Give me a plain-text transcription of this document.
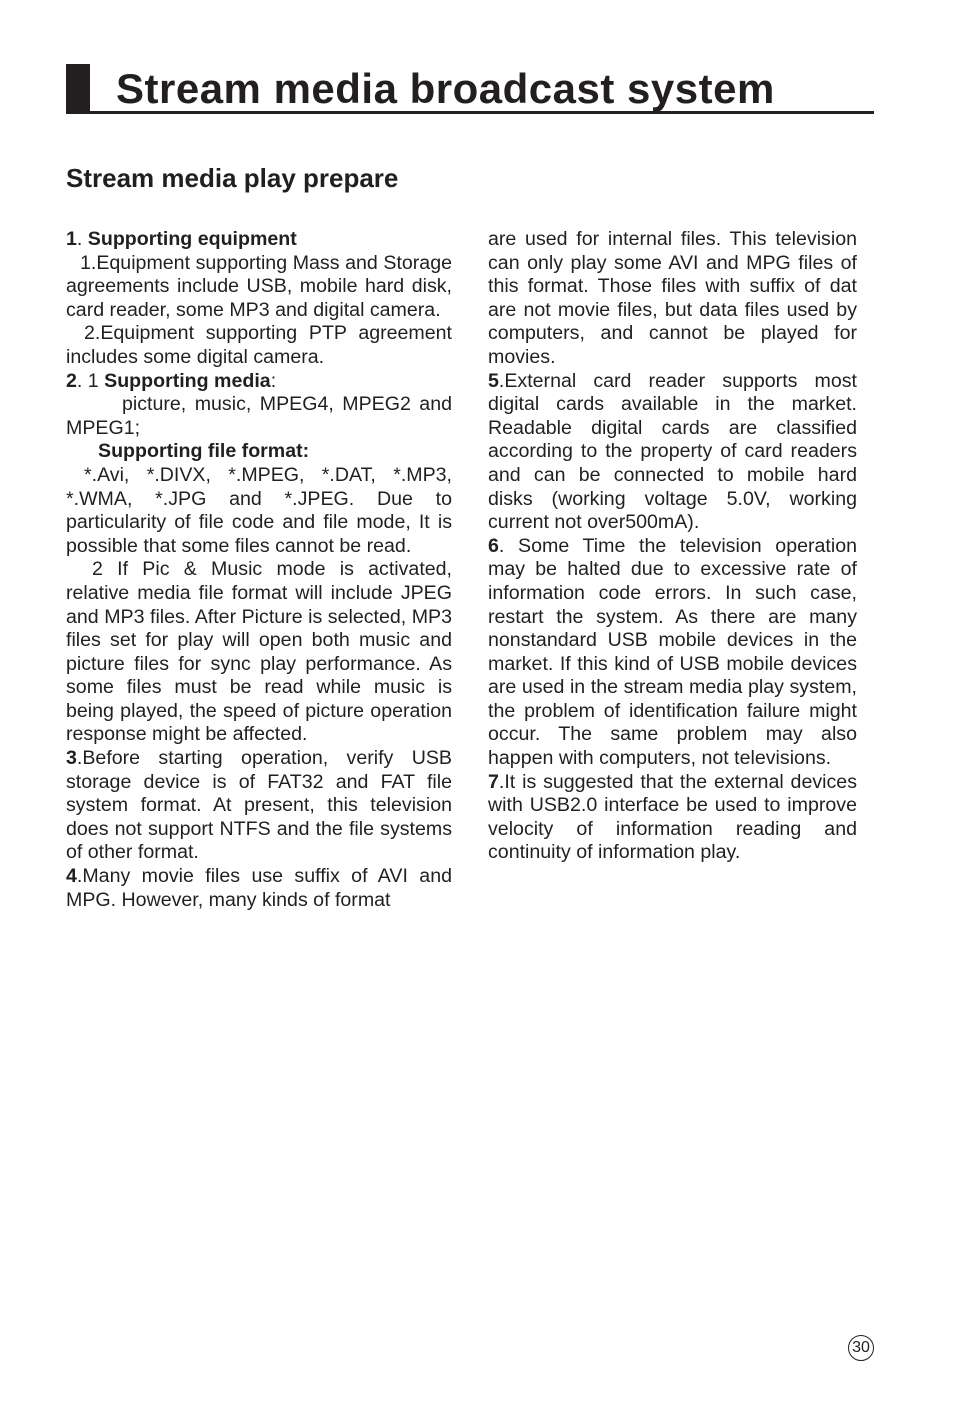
Stream media broadcast system
Stream media play prepare

1. Supporting equipment

1.Equipment supporting Mass and Storage agreements include USB, mobile hard disk, card reader, some MP3 and digital camera.

2.Equipment supporting PTP agreement includes some digital camera.

2. 1 Supporting media:

picture, music, MPEG4, MPEG2 and MPEG1;

Supporting file format:

*.Avi, *.DIVX, *.MPEG, *.DAT, *.MP3, *.WMA, *.JPG and *.JPEG. Due to particularity of file code and file mode, It is possible that some files cannot be read.

2 If Pic & Music mode is activated, relative media file format will include JPEG and MP3 files. After Picture is selected, MP3 files set for play will open both music and picture files for sync play performance. As some files must be read while music is being played, the speed of picture operation response might be affected.

3.Before starting operation, verify USB storage device is of FAT32 and FAT file system format. At present, this television does not support NTFS and the file systems of other format.

4.Many movie files use suffix of AVI and MPG. However, many kinds of format

are used for internal files. This television can only play some AVI and MPG files of this format. Those files with suffix of dat are not movie files, but data files used by computers, and cannot be played for movies.

5.External card reader supports most digital cards available in the market. Readable digital cards are classified according to the property of card readers and can be connected to mobile hard disks (working voltage 5.0V, working current not over500mA).

6. Some Time the television operation may be halted due to excessive rate of information code errors. In such case, restart the system. As there are many nonstandard USB mobile devices in the market. If this kind of USB mobile devices are used in the stream media play system, the problem of identification failure might occur. The same problem may also happen with computers, not televisions.

7.It is suggested that the external devices with USB2.0 interface be used to improve velocity of information reading and continuity of information play.

30
